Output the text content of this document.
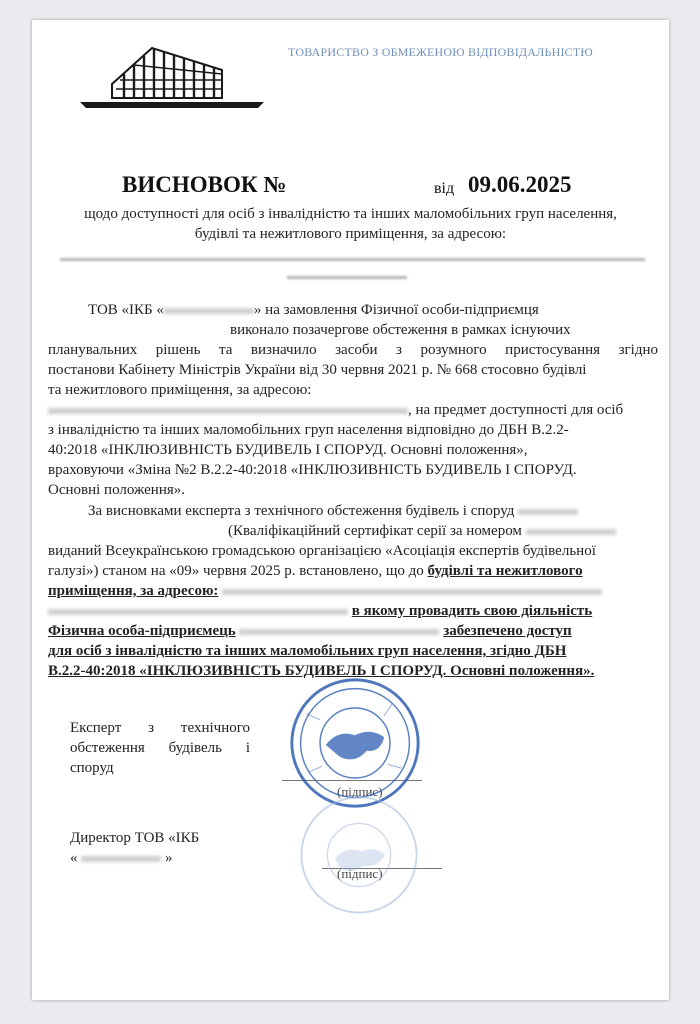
ТОВАРИСТВО З ОБМЕЖЕНОЮ ВІДПОВІДАЛЬНІСТЮ
ВИСНОВОК №	від 09.06.2025
щодо доступності для осіб з інвалідністю та інших маломобільних груп населення,
будівлі та нежитлового приміщення, за адресою:
ТОВ «ІКБ «	» на замовлення Фізичної особи-підприємця
виконало позачергове обстеження в рамках існуючих
планувальних рішень та визначило засоби з розумного пристосування згідно
постанови Кабінету Міністрів України від 30 червня 2021 р. № 668 стосовно будівлі
та нежитлового приміщення, за адресою:
, на предмет доступності для осіб
з інвалідністю та інших маломобільних груп населення відповідно до ДБН В.2.2-
40:2018 «ІНКЛЮЗИВНІСТЬ БУДИВЕЛЬ І СПОРУД. Основні положення»,
враховуючи «Зміна №2 В.2.2-40:2018 «ІНКЛЮЗИВНІСТЬ БУДИВЕЛЬ І СПОРУД.
Основні положення».
За висновками експерта з технічного обстеження будівель і споруд
(Кваліфікаційний сертифікат серії за номером
виданий Всеукраїнською громадською організацією «Асоціація експертів будівельної
галузі») станом на «09» червня 2025 р. встановлено, що до будівлі та нежитлового
приміщення, за адресою:
в якому провадить свою діяльність
Фізична особа-підприємець	забезпечено доступ
для осіб з інвалідністю та інших маломобільних груп населення, згідно ДБН
В.2.2-40:2018 «ІНКЛЮЗИВНІСТЬ БУДИВЕЛЬ І СПОРУД. Основні положення».
Експерт з технічного
обстеження будівель і
споруд
(підпис)
Директор ТОВ «ІКБ
«	»
(підпис)
